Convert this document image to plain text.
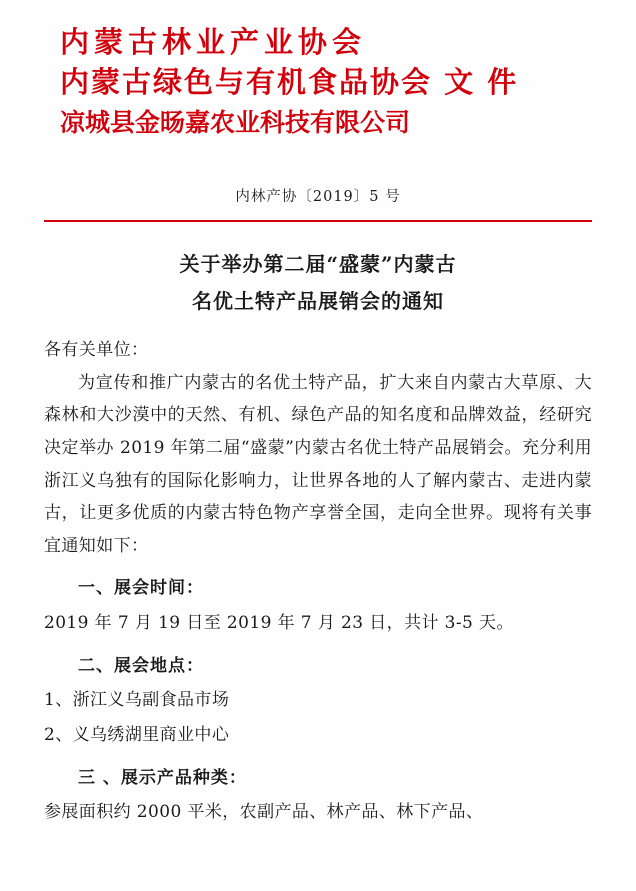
内蒙古林业产业协会
内蒙古绿色与有机食品协会 文 件
凉城县金旸嘉农业科技有限公司
内林产协〔2019〕5 号
关于举办第二届“盛蒙”内蒙古
名优土特产品展销会的通知
各有关单位：
为宣传和推广内蒙古的名优土特产品，扩大来自内蒙古大草原、大森林和大沙漠中的天然、有机、绿色产品的知名度和品牌效益，经研究决定举办 2019 年第二届“盛蒙”内蒙古名优土特产品展销会。充分利用浙江义乌独有的国际化影响力，让世界各地的人了解内蒙古、走进内蒙古，让更多优质的内蒙古特色物产享誉全国，走向全世界。现将有关事宜通知如下：
一、展会时间：
2019 年 7 月 19 日至 2019 年 7 月 23 日，共计 3-5 天。
二、展会地点：
1、浙江义乌副食品市场
2、义乌绣湖里商业中心
三 、展示产品种类：
参展面积约 2000 平米，农副产品、林产品、林下产品、
